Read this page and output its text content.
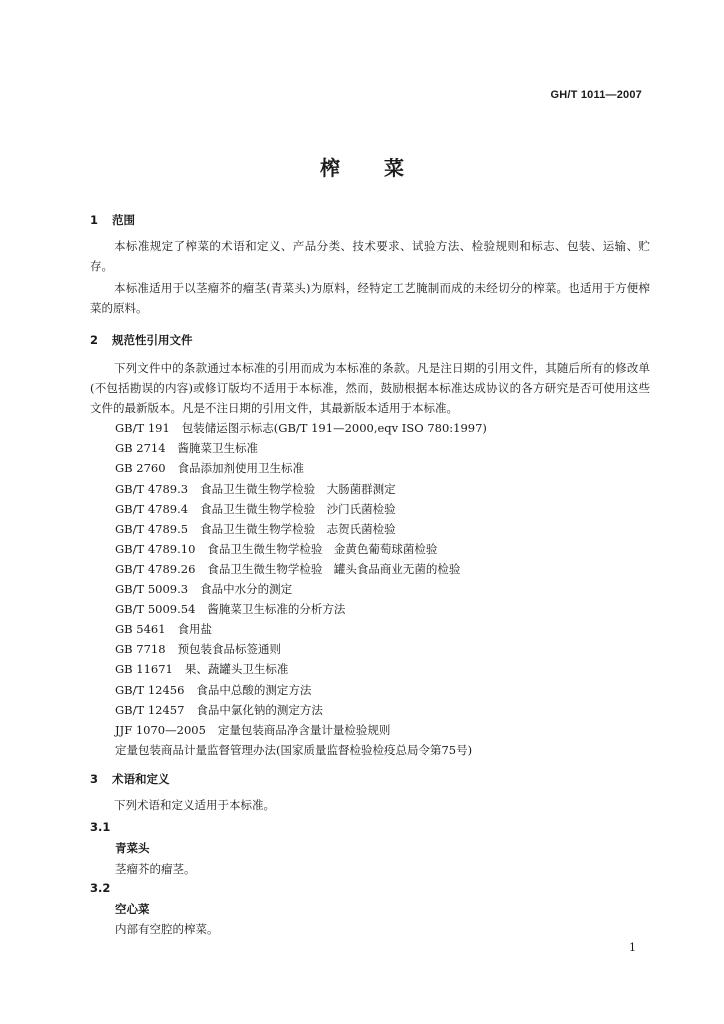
GH/T 1011—2007
榨菜
1 范围
本标准规定了榨菜的术语和定义、产品分类、技术要求、试验方法、检验规则和标志、包装、运输、贮存。
本标准适用于以茎瘤芥的瘤茎(青菜头)为原料，经特定工艺腌制而成的未经切分的榨菜。也适用于方便榨菜的原料。
2 规范性引用文件
下列文件中的条款通过本标准的引用而成为本标准的条款。凡是注日期的引用文件，其随后所有的修改单(不包括勘误的内容)或修订版均不适用于本标准，然而，鼓励根据本标准达成协议的各方研究是否可使用这些文件的最新版本。凡是不注日期的引用文件，其最新版本适用于本标准。
GB/T 191 包装储运图示标志(GB/T 191—2000,eqv ISO 780:1997)
GB 2714 酱腌菜卫生标准
GB 2760 食品添加剂使用卫生标准
GB/T 4789.3 食品卫生微生物学检验　大肠菌群测定
GB/T 4789.4 食品卫生微生物学检验　沙门氏菌检验
GB/T 4789.5 食品卫生微生物学检验　志贺氏菌检验
GB/T 4789.10 食品卫生微生物学检验　金黄色葡萄球菌检验
GB/T 4789.26 食品卫生微生物学检验　罐头食品商业无菌的检验
GB/T 5009.3 食品中水分的测定
GB/T 5009.54 酱腌菜卫生标准的分析方法
GB 5461 食用盐
GB 7718 预包装食品标签通则
GB 11671 果、蔬罐头卫生标准
GB/T 12456 食品中总酸的测定方法
GB/T 12457 食品中氯化钠的测定方法
JJF 1070—2005 定量包装商品净含量计量检验规则
定量包装商品计量监督管理办法(国家质量监督检验检疫总局令第75号)
3 术语和定义
下列术语和定义适用于本标准。
3.1
青菜头
茎瘤芥的瘤茎。
3.2
空心菜
内部有空腔的榨菜。
1
